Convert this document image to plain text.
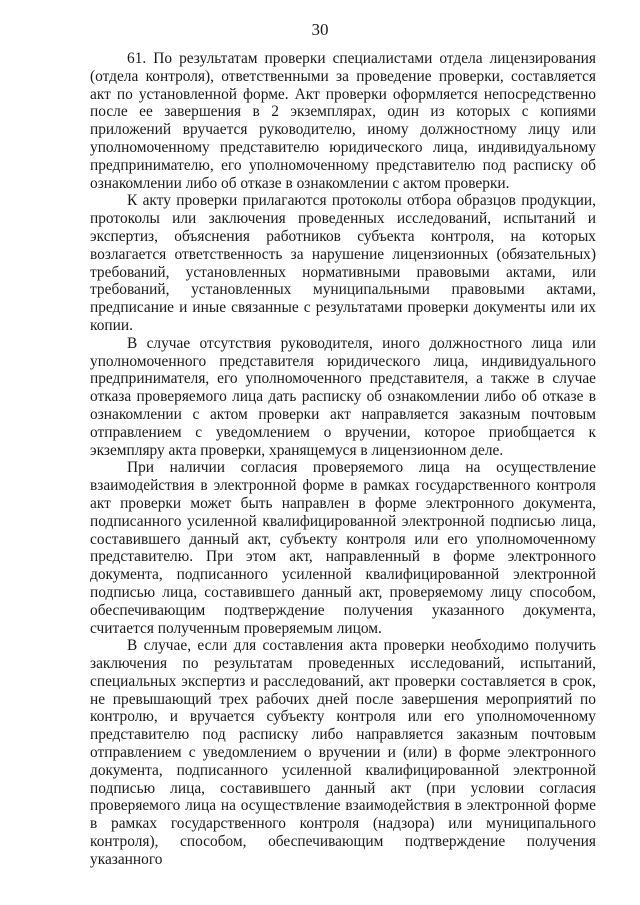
30

61. По результатам проверки специалистами отдела лицензирования (отдела контроля), ответственными за проведение проверки, составляется акт по установленной форме. Акт проверки оформляется непосредственно после ее завершения в 2 экземплярах, один из которых с копиями приложений вручается руководителю, иному должностному лицу или уполномоченному представителю юридического лица, индивидуальному предпринимателю, его уполномоченному представителю под расписку об ознакомлении либо об отказе в ознакомлении с актом проверки.

К акту проверки прилагаются протоколы отбора образцов продукции, протоколы или заключения проведенных исследований, испытаний и экспертиз, объяснения работников субъекта контроля, на которых возлагается ответственность за нарушение лицензионных (обязательных) требований, установленных нормативными правовыми актами, или требований, установленных муниципальными правовыми актами, предписание и иные связанные с результатами проверки документы или их копии.

В случае отсутствия руководителя, иного должностного лица или уполномоченного представителя юридического лица, индивидуального предпринимателя, его уполномоченного представителя, а также в случае отказа проверяемого лица дать расписку об ознакомлении либо об отказе в ознакомлении с актом проверки акт направляется заказным почтовым отправлением с уведомлением о вручении, которое приобщается к экземпляру акта проверки, хранящемуся в лицензионном деле.

При наличии согласия проверяемого лица на осуществление взаимодействия в электронной форме в рамках государственного контроля акт проверки может быть направлен в форме электронного документа, подписанного усиленной квалифицированной электронной подписью лица, составившего данный акт, субъекту контроля или его уполномоченному представителю. При этом акт, направленный в форме электронного документа, подписанного усиленной квалифицированной электронной подписью лица, составившего данный акт, проверяемому лицу способом, обеспечивающим подтверждение получения указанного документа, считается полученным проверяемым лицом.

В случае, если для составления акта проверки необходимо получить заключения по результатам проведенных исследований, испытаний, специальных экспертиз и расследований, акт проверки составляется в срок, не превышающий трех рабочих дней после завершения мероприятий по контролю, и вручается субъекту контроля или его уполномоченному представителю под расписку либо направляется заказным почтовым отправлением с уведомлением о вручении и (или) в форме электронного документа, подписанного усиленной квалифицированной электронной подписью лица, составившего данный акт (при условии согласия проверяемого лица на осуществление взаимодействия в электронной форме в рамках государственного контроля (надзора) или муниципального контроля), способом, обеспечивающим подтверждение получения указанного
